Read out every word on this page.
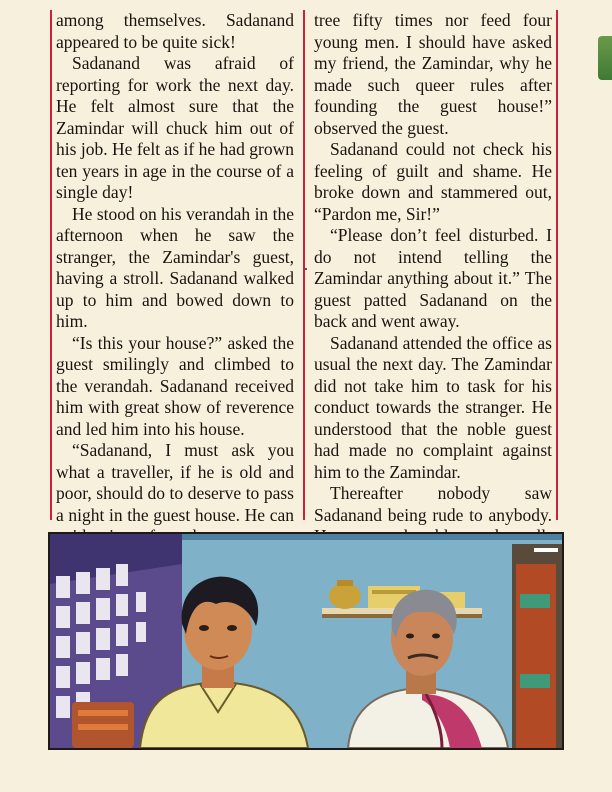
among themselves. Sadanand appeared to be quite sick!

Sadanand was afraid of reporting for work the next day. He felt almost sure that the Zamindar will chuck him out of his job. He felt as if he had grown ten years in age in the course of a single day!

He stood on his verandah in the afternoon when he saw the stranger, the Zamindar's guest, having a stroll. Sadanand walked up to him and bowed down to him.

“Is this your house?” asked the guest smilingly and climbed to the verandah. Sadanand received him with great show of reverence and led him into his house.

“Sadanand, I must ask you what a traveller, if he is old and poor, should do to deserve to pass a night in the guest house. He can

tree fifty times nor feed four young men. I should have asked my friend, the Zamindar, why he made such queer rules after founding the guest house!” observed the guest.

Sadanand could not check his feeling of guilt and shame. He broke down and stammered out, “Pardon me, Sir!”

“Please don’t feel disturbed. I do not intend telling the Zamindar anything about it.” The guest patted Sadanand on the back and went away.

Sadanand attended the office as usual the next day. The Zamindar did not take him to task for his conduct towards the stranger. He understood that the noble guest had made no complaint against him to the Zamindar.

Thereafter nobody saw Sadanand being rude to anybody.
